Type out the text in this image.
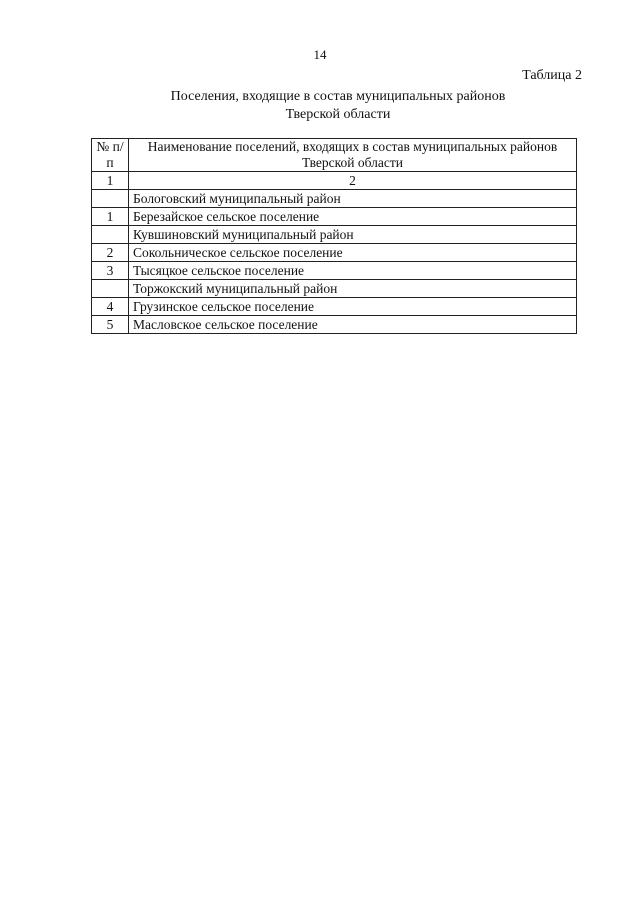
14
Таблица 2
Поселения, входящие в состав муниципальных районов
Тверской области
№ п/п	Наименование поселений, входящих в состав муниципальных районов Тверской области
1	2
	Бологовский муниципальный район
1	Березайское сельское поселение
	Кувшиновский муниципальный район
2	Сокольническое сельское поселение
3	Тысяцкое сельское поселение
	Торжокский муниципальный район
4	Грузинское сельское поселение
5	Масловское сельское поселение
